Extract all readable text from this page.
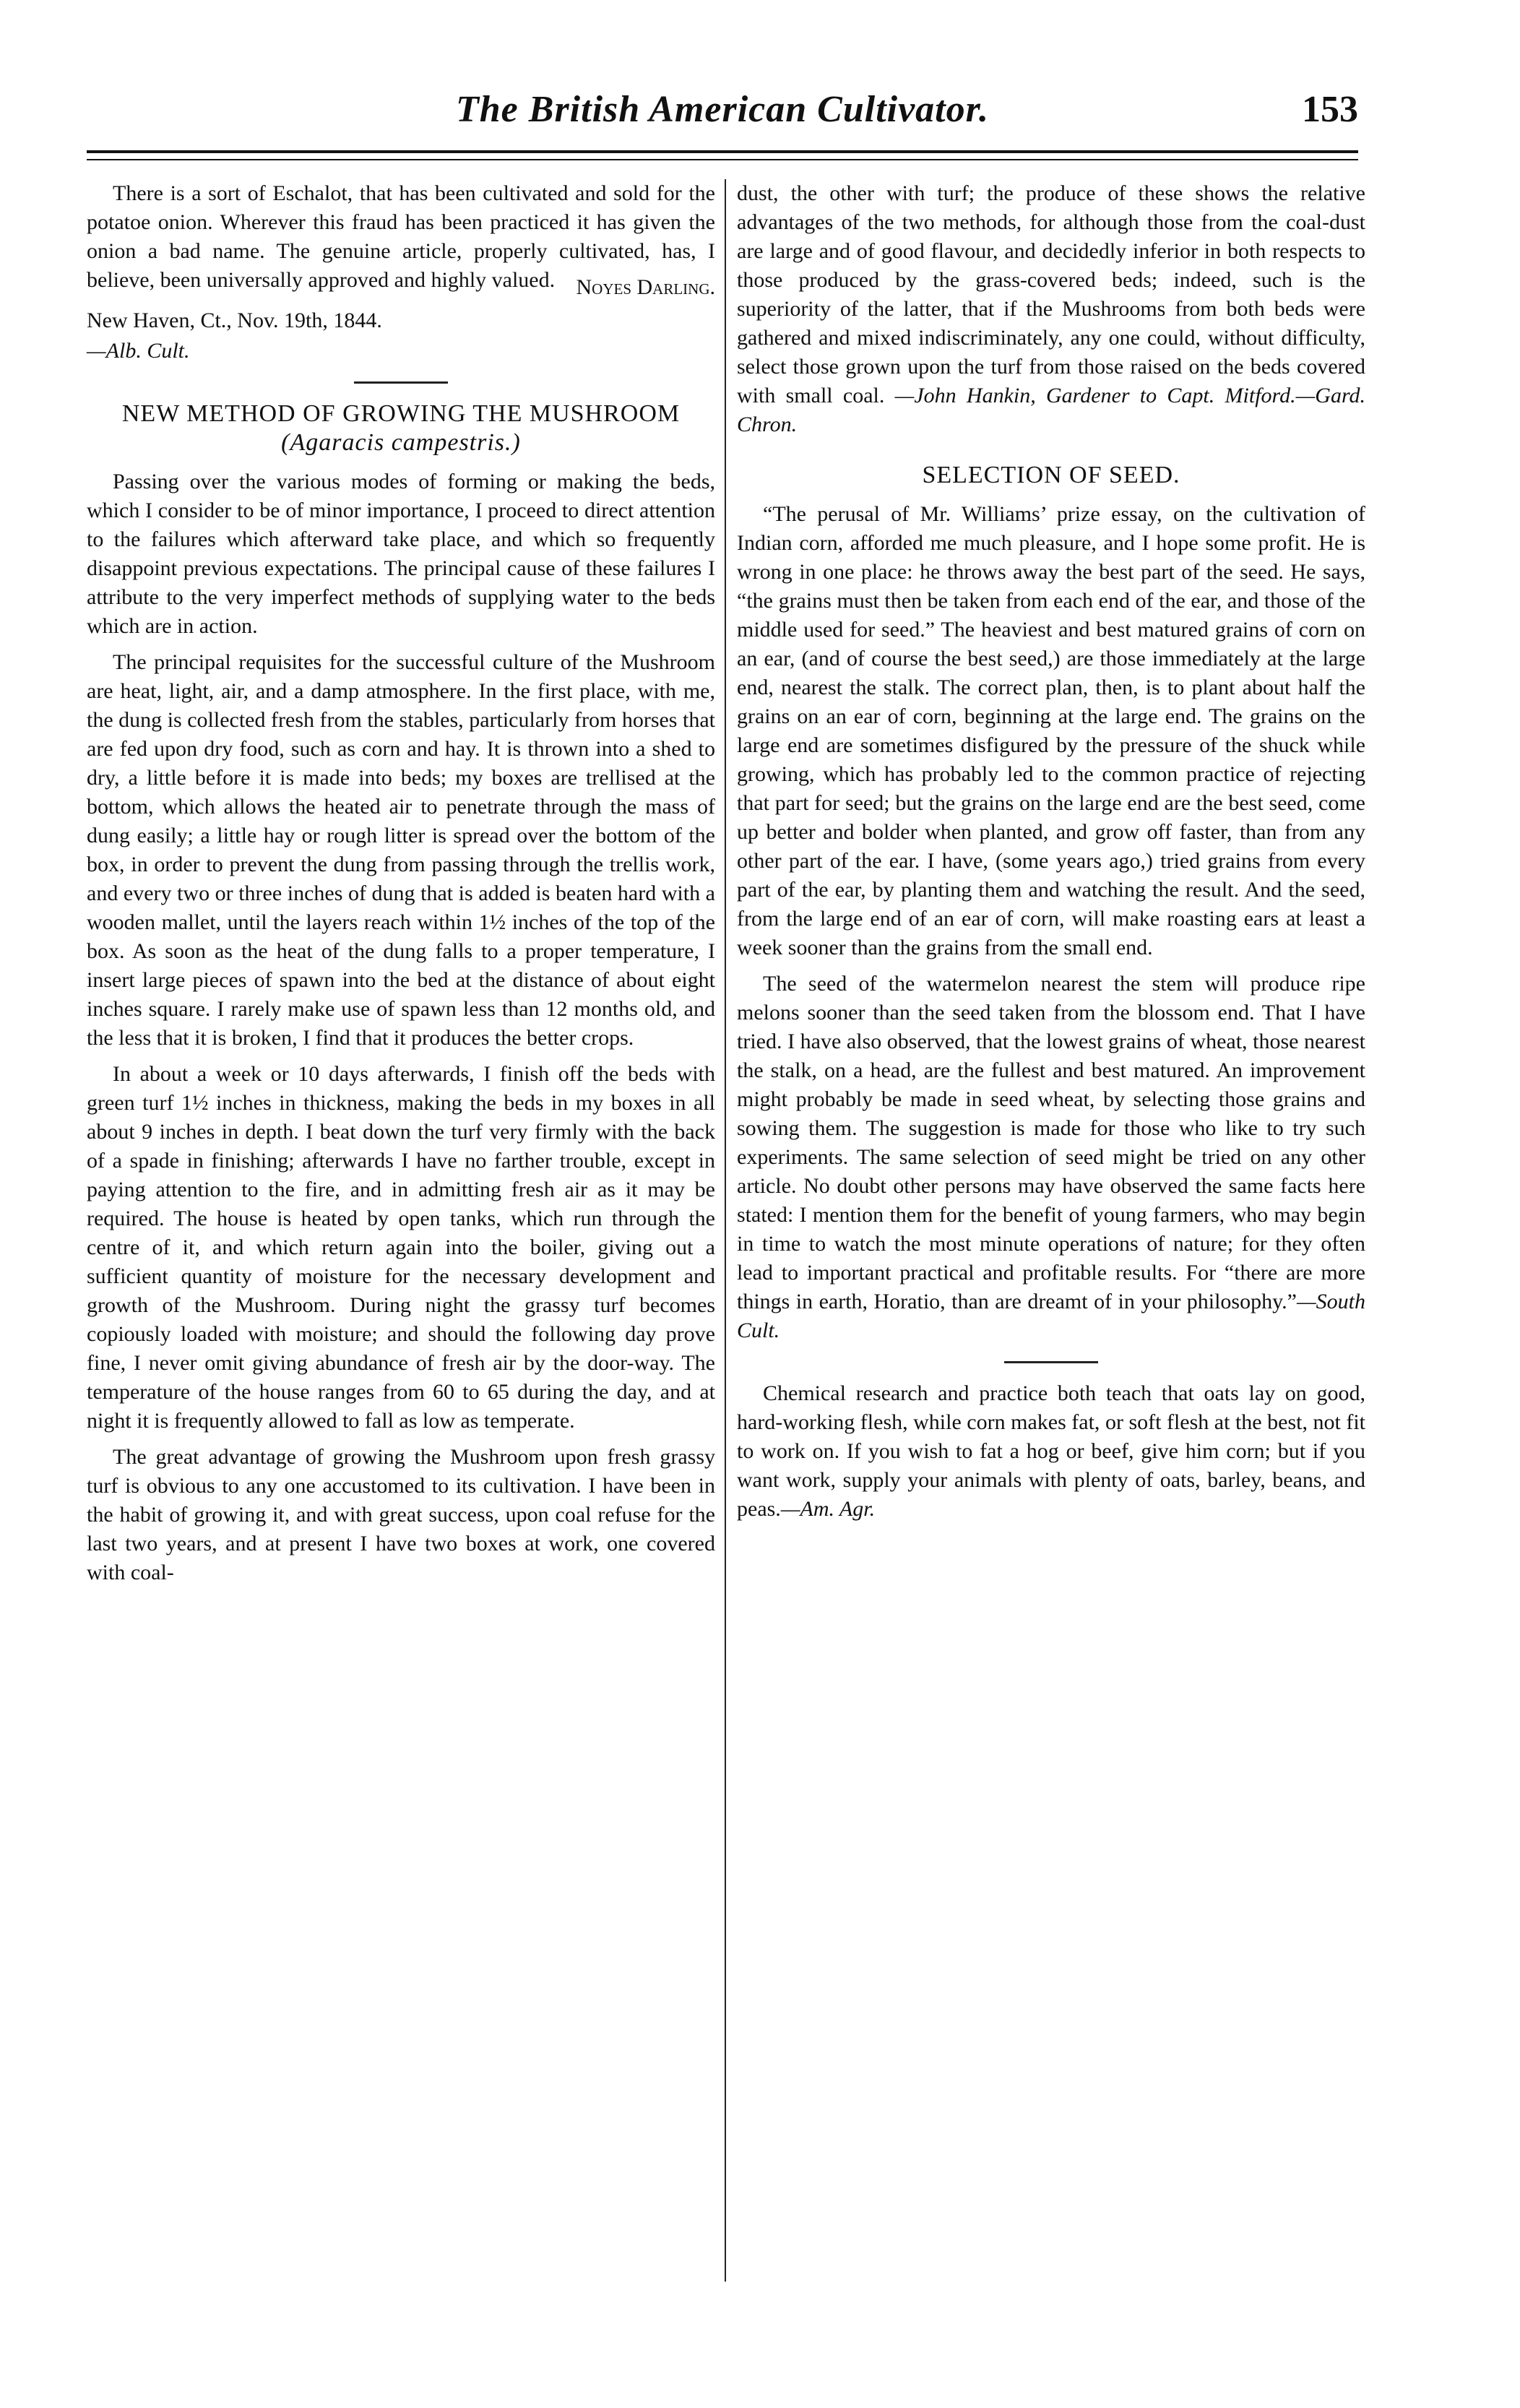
The British American Cultivator.	153

There is a sort of Eschalot, that has been cultivated and sold for the potatoe onion. Wherever this fraud has been practiced it has given the onion a bad name. The genuine article, properly cultivated, has, I believe, been universally approved and highly valued. Noyes Darling.

New Haven, Ct., Nov. 19th, 1844.

—Alb. Cult.

NEW METHOD OF GROWING THE MUSHROOM (Agaracis campestris.)

Passing over the various modes of forming or making the beds, which I consider to be of minor importance, I proceed to direct attention to the failures which afterward take place, and which so frequently disappoint previous expectations. The principal cause of these failures I attribute to the very imperfect methods of supplying water to the beds which are in action.

The principal requisites for the successful culture of the Mushroom are heat, light, air, and a damp atmosphere. In the first place, with me, the dung is collected fresh from the stables, particularly from horses that are fed upon dry food, such as corn and hay. It is thrown into a shed to dry, a little before it is made into beds; my boxes are trellised at the bottom, which allows the heated air to penetrate through the mass of dung easily; a little hay or rough litter is spread over the bottom of the box, in order to prevent the dung from passing through the trellis work, and every two or three inches of dung that is added is beaten hard with a wooden mallet, until the layers reach within 1½ inches of the top of the box. As soon as the heat of the dung falls to a proper temperature, I insert large pieces of spawn into the bed at the distance of about eight inches square. I rarely make use of spawn less than 12 months old, and the less that it is broken, I find that it produces the better crops.

In about a week or 10 days afterwards, I finish off the beds with green turf 1½ inches in thickness, making the beds in my boxes in all about 9 inches in depth. I beat down the turf very firmly with the back of a spade in finishing; afterwards I have no farther trouble, except in paying attention to the fire, and in admitting fresh air as it may be required. The house is heated by open tanks, which run through the centre of it, and which return again into the boiler, giving out a sufficient quantity of moisture for the necessary development and growth of the Mushroom. During night the grassy turf becomes copiously loaded with moisture; and should the following day prove fine, I never omit giving abundance of fresh air by the door-way. The temperature of the house ranges from 60 to 65 during the day, and at night it is frequently allowed to fall as low as temperate.

The great advantage of growing the Mushroom upon fresh grassy turf is obvious to any one accustomed to its cultivation. I have been in the habit of growing it, and with great success, upon coal refuse for the last two years, and at present I have two boxes at work, one covered with coal-

dust, the other with turf; the produce of these shows the relative advantages of the two methods, for although those from the coal-dust are large and of good flavour, and decidedly inferior in both respects to those produced by the grass-covered beds; indeed, such is the superiority of the latter, that if the Mushrooms from both beds were gathered and mixed indiscriminately, any one could, without difficulty, select those grown upon the turf from those raised on the beds covered with small coal. —John Hankin, Gardener to Capt. Mitford.—Gard. Chron.

SELECTION OF SEED.

“The perusal of Mr. Williams’ prize essay, on the cultivation of Indian corn, afforded me much pleasure, and I hope some profit. He is wrong in one place: he throws away the best part of the seed. He says, “the grains must then be taken from each end of the ear, and those of the middle used for seed.” The heaviest and best matured grains of corn on an ear, (and of course the best seed,) are those immediately at the large end, nearest the stalk. The correct plan, then, is to plant about half the grains on an ear of corn, beginning at the large end. The grains on the large end are sometimes disfigured by the pressure of the shuck while growing, which has probably led to the common practice of rejecting that part for seed; but the grains on the large end are the best seed, come up better and bolder when planted, and grow off faster, than from any other part of the ear. I have, (some years ago,) tried grains from every part of the ear, by planting them and watching the result. And the seed, from the large end of an ear of corn, will make roasting ears at least a week sooner than the grains from the small end.

The seed of the watermelon nearest the stem will produce ripe melons sooner than the seed taken from the blossom end. That I have tried. I have also observed, that the lowest grains of wheat, those nearest the stalk, on a head, are the fullest and best matured. An improvement might probably be made in seed wheat, by selecting those grains and sowing them. The suggestion is made for those who like to try such experiments. The same selection of seed might be tried on any other article. No doubt other persons may have observed the same facts here stated: I mention them for the benefit of young farmers, who may begin in time to watch the most minute operations of nature; for they often lead to important practical and profitable results. For “there are more things in earth, Horatio, than are dreamt of in your philosophy.”—South Cult.

Chemical research and practice both teach that oats lay on good, hard-working flesh, while corn makes fat, or soft flesh at the best, not fit to work on. If you wish to fat a hog or beef, give him corn; but if you want work, supply your animals with plenty of oats, barley, beans, and peas.—Am. Agr.
